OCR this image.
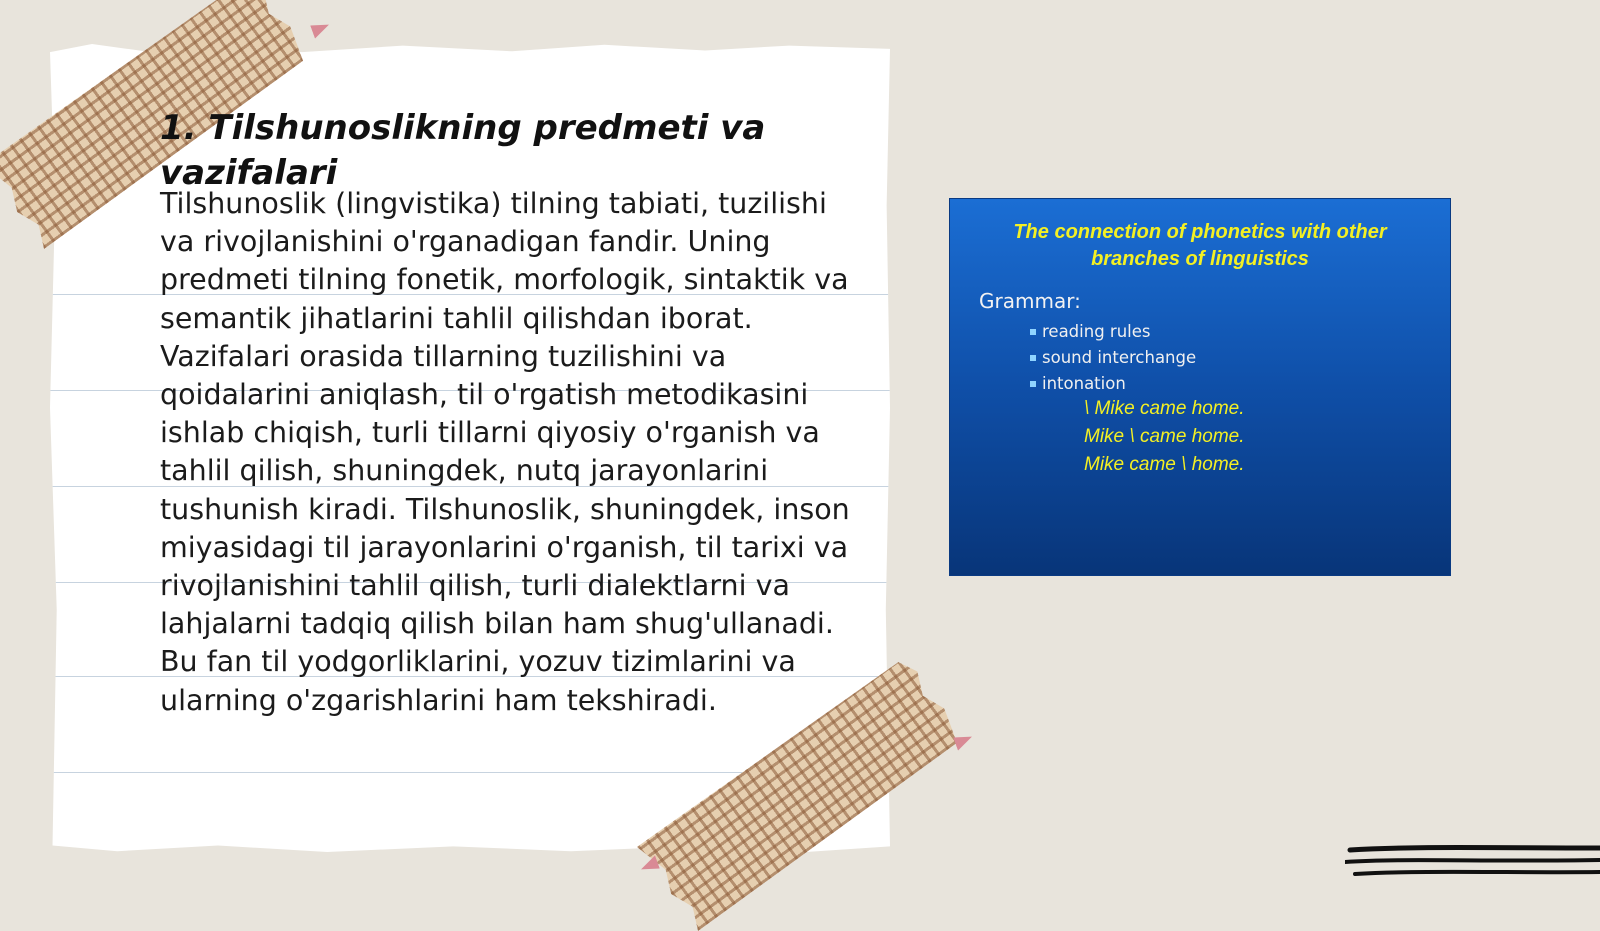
1. Tilshunoslikning predmeti va vazifalari

Tilshunoslik (lingvistika) tilning tabiati, tuzilishi va rivojlanishini o'rganadigan fandir. Uning predmeti tilning fonetik, morfologik, sintaktik va semantik jihatlarini tahlil qilishdan iborat. Vazifalari orasida tillarning tuzilishini va qoidalarini aniqlash, til o'rgatish metodikasini ishlab chiqish, turli tillarni qiyosiy o'rganish va tahlil qilish, shuningdek, nutq jarayonlarini tushunish kiradi. Tilshunoslik, shuningdek, inson miyasidagi til jarayonlarini o'rganish, til tarixi va rivojlanishini tahlil qilish, turli dialektlarni va lahjalarni tadqiq qilish bilan ham shug'ullanadi. Bu fan til yodgorliklarini, yozuv tizimlarini va ularning o'zgarishlarini ham tekshiradi.

The connection of phonetics with other branches of linguistics
Grammar:
reading rules
sound interchange
intonation
\ Mike came home.
Mike \ came home.
Mike came \ home.
